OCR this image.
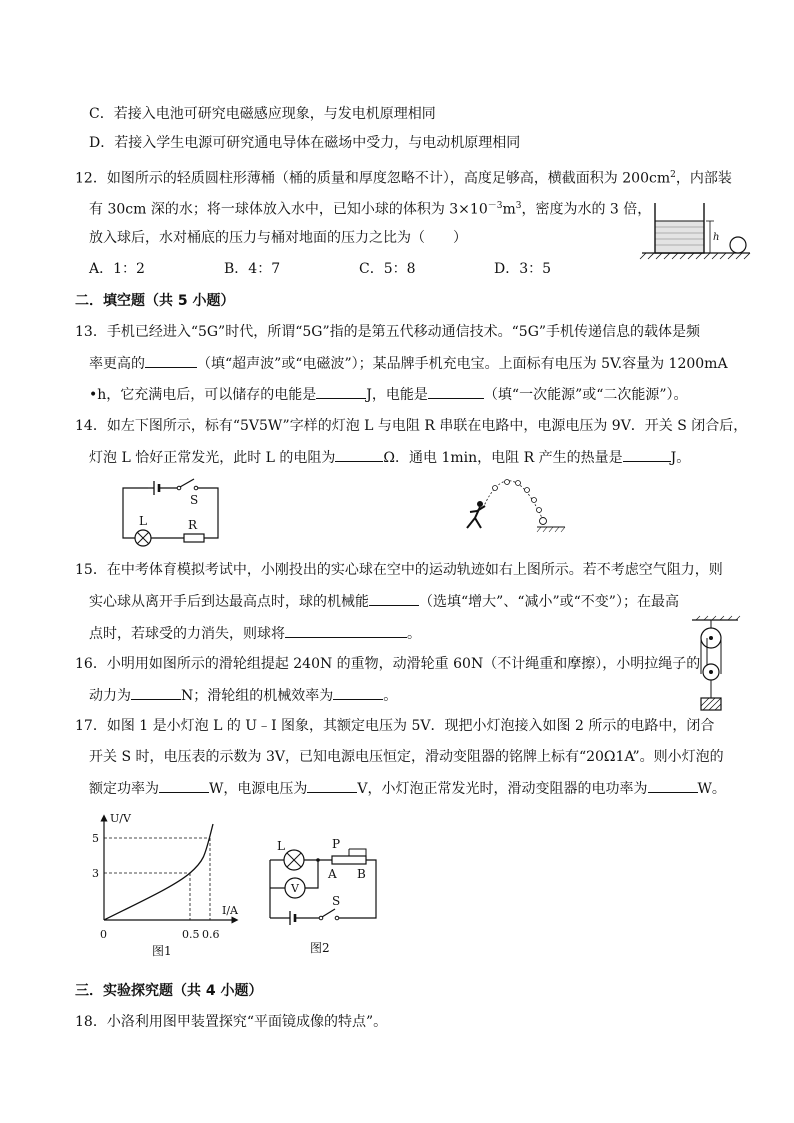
C．若接入电池可研究电磁感应现象，与发电机原理相同
D．若接入学生电源可研究通电导体在磁场中受力，与电动机原理相同
12．如图所示的轻质圆柱形薄桶（桶的质量和厚度忽略不计），高度足够高，横截面积为 $200cm^2$，内部装
有 30cm 深的水；将一球体放入水中，已知小球的体积为 $3\times 10^{-3}m^3$，密度为水的 3 倍，
放入球后，水对桶底的压力与桶对地面的压力之比为（　　）
A．1：2	B．4：7	C．5：8	D．3：5
h
二．填空题（共 5 小题）
13．手机已经进入“5G”时代，所谓“5G”指的是第五代移动通信技术。“5G”手机传递信息的载体是频
率更高的	（填“超声波”或“电磁波”）；某品牌手机充电宝。上面标有电压为 5V.容量为 1200mA
•h，它充满电后，可以储存的电能是	J，电能是	（填“一次能源”或“二次能源”）。
14．如左下图所示，标有“5V5W”字样的灯泡 L 与电阻 R 串联在电路中，电源电压为 9V．开关 S 闭合后，
灯泡 L 恰好正常发光，此时 L 的电阻为	Ω．通电 1min，电阻 R 产生的热量是	J。
S
L	R
15．在中考体育模拟考试中，小刚投出的实心球在空中的运动轨迹如右上图所示。若不考虑空气阻力，则
实心球从离开手后到达最高点时，球的机械能	（选填“增大”、“减小”或“不变”）；在最高
点时，若球受的力消失，则球将	。
16．小明用如图所示的滑轮组提起 240N 的重物，动滑轮重 60N（不计绳重和摩擦），小明拉绳子的
动力为	N；滑轮组的机械效率为	。
17．如图 1 是小灯泡 L 的 U﹣I 图象，其额定电压为 5V．现把小灯泡接入如图 2 所示的电路中，闭合
开关 S 时，电压表的示数为 3V，已知电源电压恒定，滑动变阻器的铭牌上标有“20Ω1A”。则小灯泡的
额定功率为	W，电源电压为	V，小灯泡正常发光时，滑动变阻器的电功率为	W。
U/V
I/A
0
5
3
0.5 0.6
图1
L	P
A B
V
S
图2
三．实验探究题（共 4 小题）
18．小洛利用图甲装置探究“平面镜成像的特点”。
